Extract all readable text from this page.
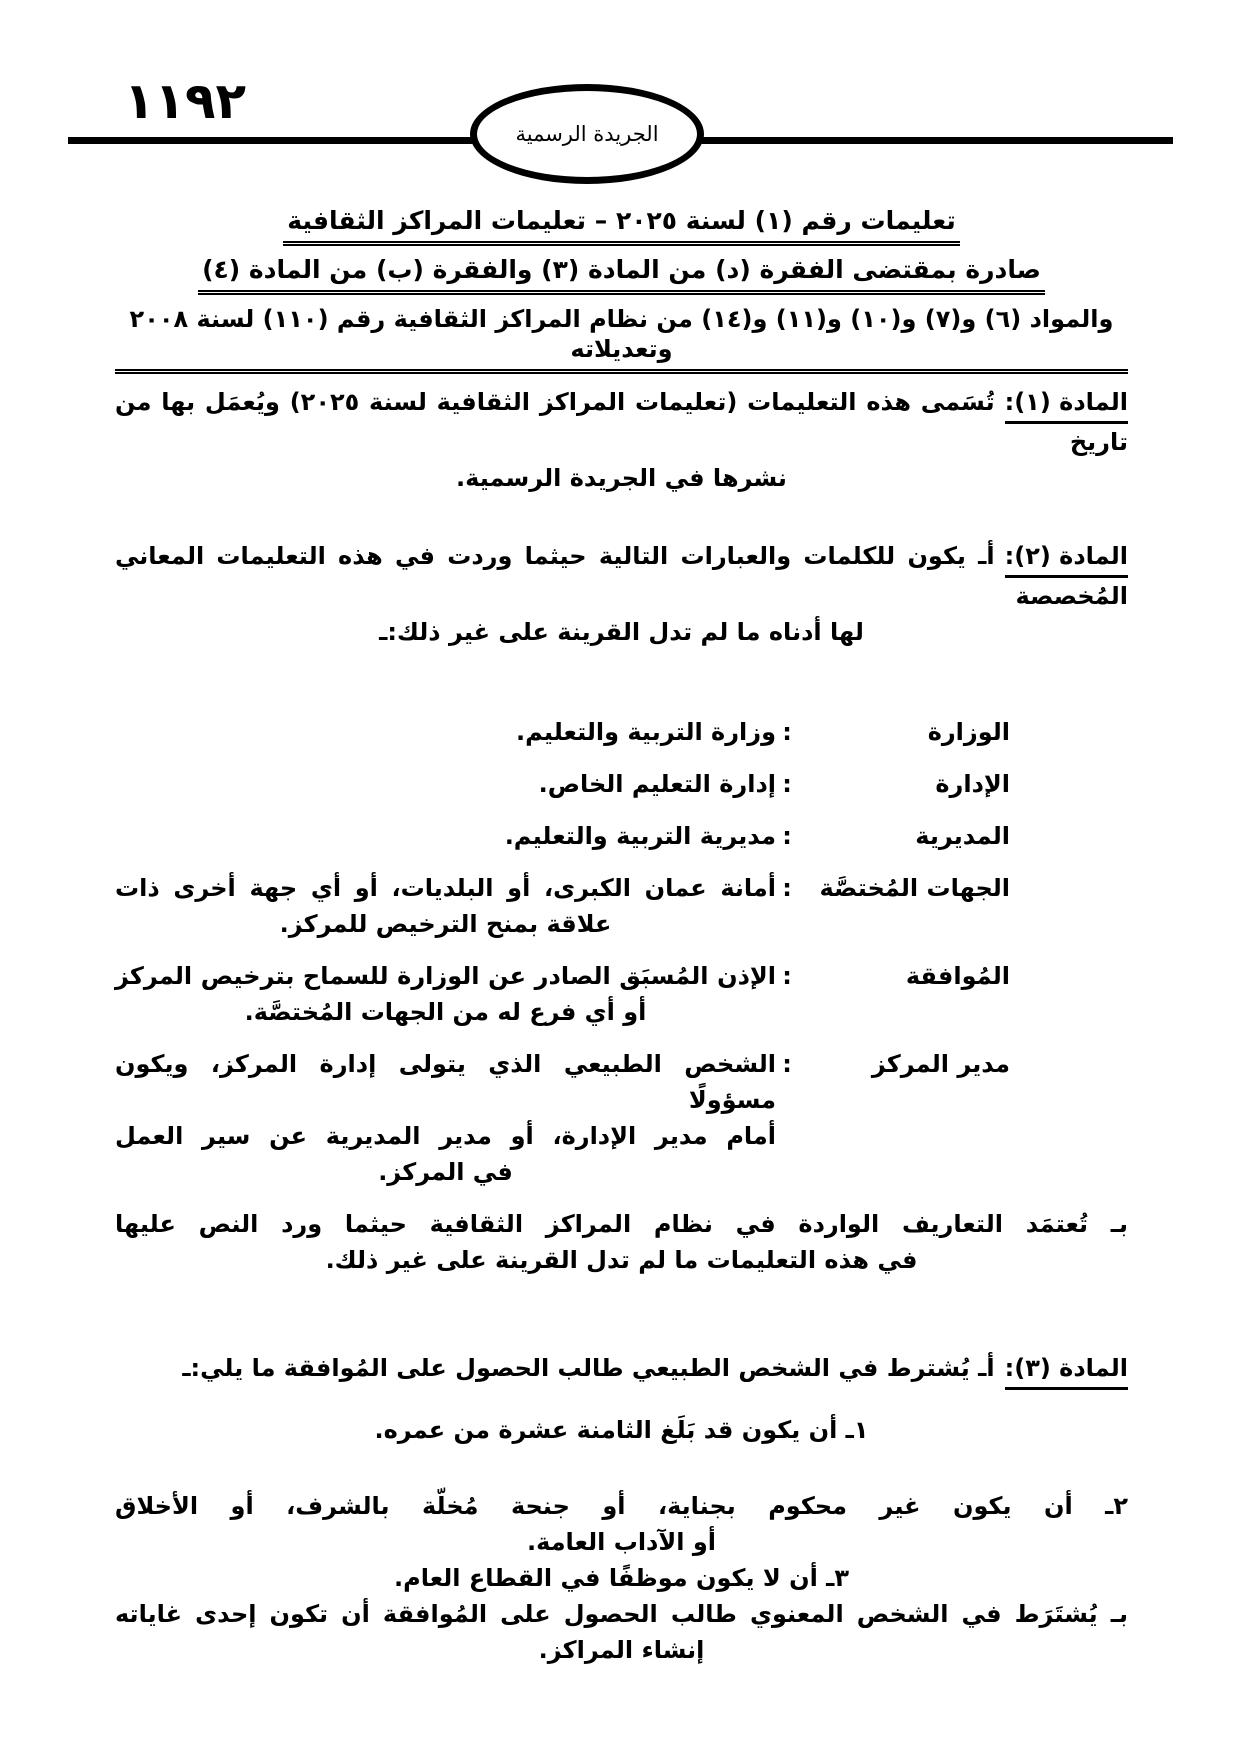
١١٩٢
الجريدة الرسمية
تعليمات رقم (١) لسنة ٢٠٢٥ – تعليمات المراكز الثقافية
صادرة بمقتضى الفقرة (د) من المادة (٣) والفقرة (ب) من المادة (٤)
والمواد (٦) و(٧) و(١٠) و(١١) و(١٤) من نظام المراكز الثقافية رقم (١١٠) لسنة ٢٠٠٨ وتعديلاته
المادة (١):تُسَمى هذه التعليمات (تعليمات المراكز الثقافية لسنة ٢٠٢٥) ويُعمَل بها من تاريخ
نشرها في الجريدة الرسمية.
المادة (٢):أـ يكون للكلمات والعبارات التالية حيثما وردت في هذه التعليمات المعاني المُخصصة
لها أدناه ما لم تدل القرينة على غير ذلك:ـ
الوزارة
:
وزارة التربية والتعليم.
الإدارة
:
إدارة التعليم الخاص.
المديرية
:
مديرية التربية والتعليم.
الجهات المُختصَّة
:
أمانة عمان الكبرى، أو البلديات، أو أي جهة أخرى ذات
علاقة بمنح الترخيص للمركز.
المُوافقة
:
الإذن المُسبَق الصادر عن الوزارة للسماح بترخيص المركز
أو أي فرع له من الجهات المُختصَّة.
مدير المركز
:
الشخص الطبيعي الذي يتولى إدارة المركز، ويكون مسؤولًا
أمام مدير الإدارة، أو مدير المديرية عن سير العمل
في المركز.
بـ تُعتمَد التعاريف الواردة في نظام المراكز الثقافية حيثما ورد النص عليها
في هذه التعليمات ما لم تدل القرينة على غير ذلك.
المادة (٣):أـ يُشترط في الشخص الطبيعي طالب الحصول على المُوافقة ما يلي:ـ
١ـ أن يكون قد بَلَغ الثامنة عشرة من عمره.
٢ـ أن يكون غير محكوم بجناية، أو جنحة مُخلّة بالشرف، أو الأخلاق
أو الآداب العامة.
٣ـ أن لا يكون موظفًا في القطاع العام.
بـ يُشتَرَط في الشخص المعنوي طالب الحصول على المُوافقة أن تكون إحدى غاياته
إنشاء المراكز.
